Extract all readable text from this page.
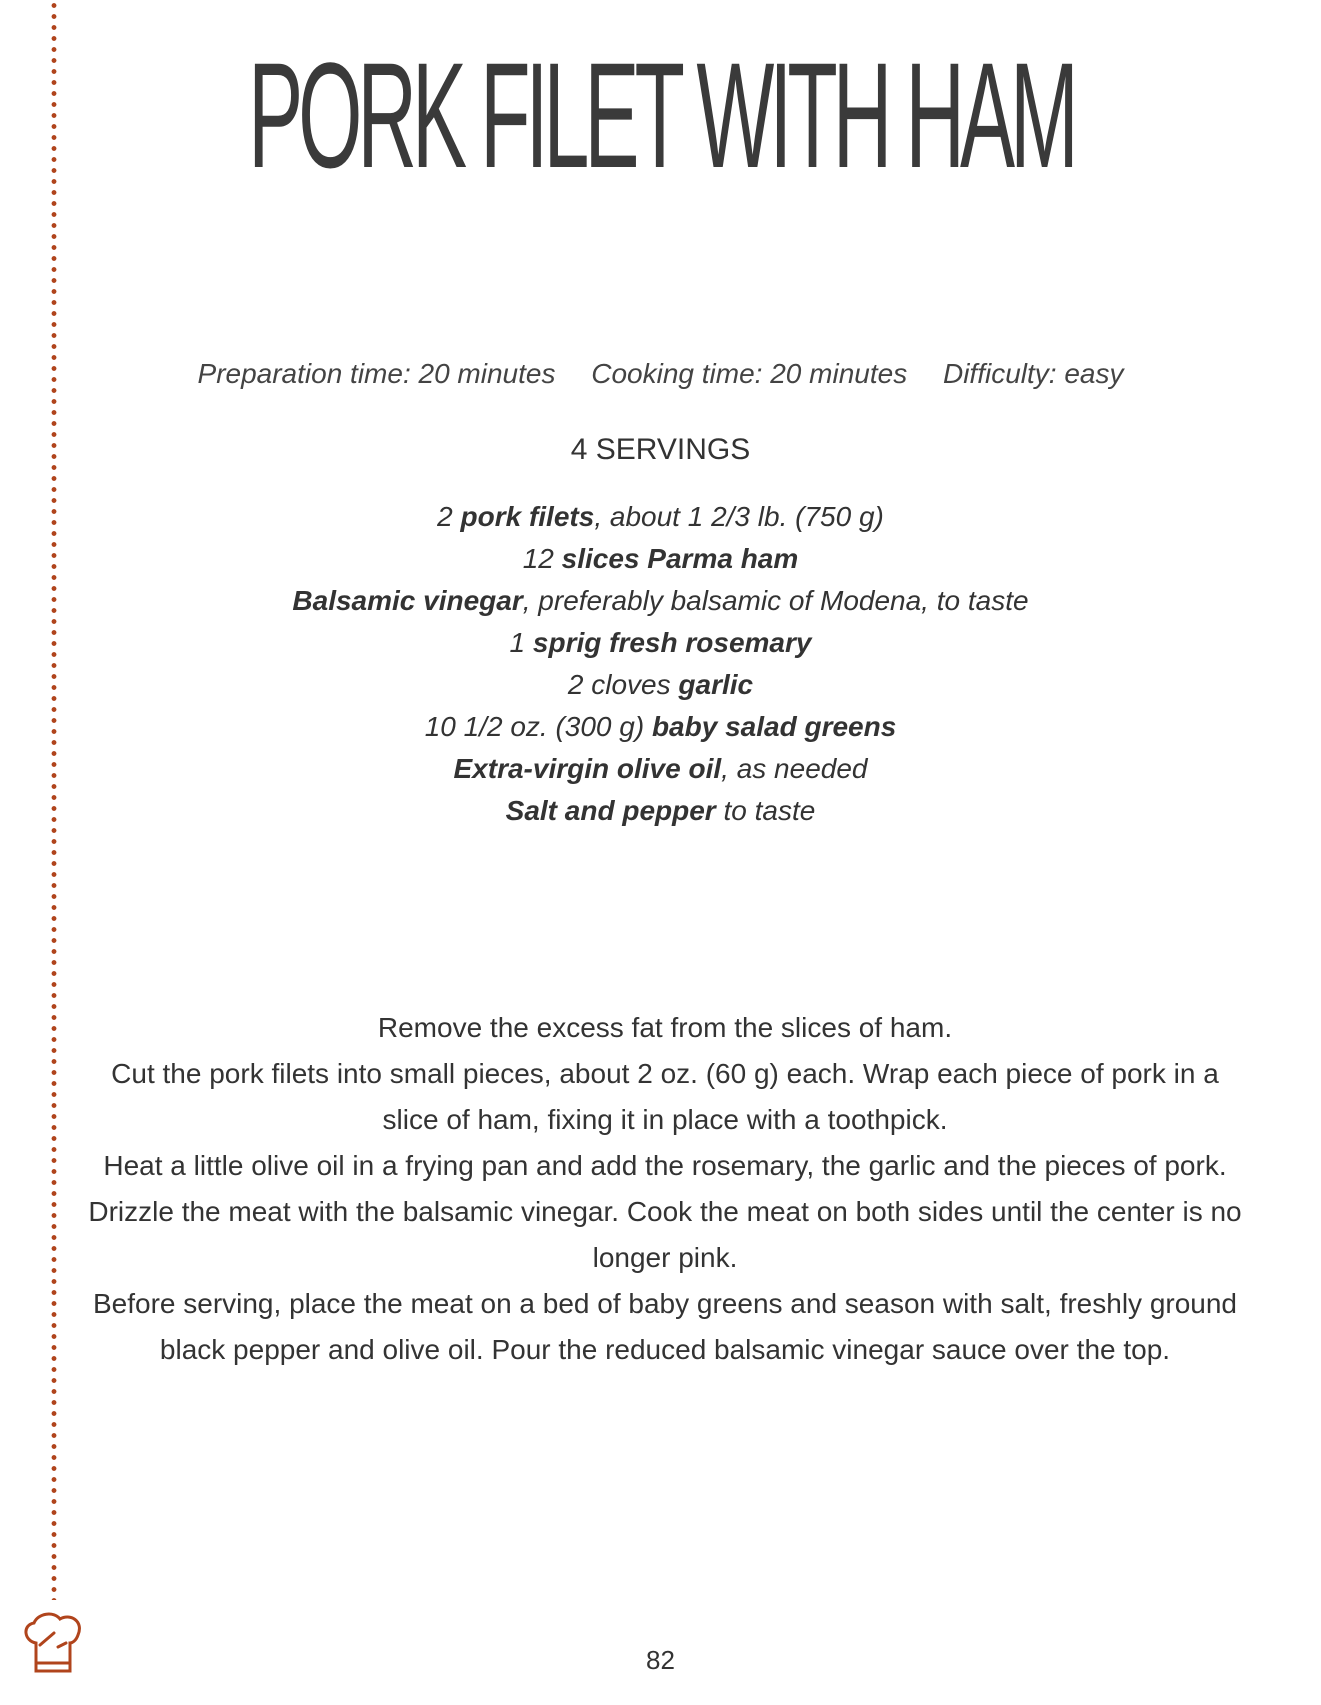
PORK FILET WITH HAM
Preparation time: 20 minutes Cooking time: 20 minutes Difficulty: easy
4 SERVINGS
2 pork filets, about 1 2/3 lb. (750 g)
12 slices Parma ham
Balsamic vinegar, preferably balsamic of Modena, to taste
1 sprig fresh rosemary
2 cloves garlic
10 1/2 oz. (300 g) baby salad greens
Extra-virgin olive oil, as needed
Salt and pepper to taste
Remove the excess fat from the slices of ham.
Cut the pork filets into small pieces, about 2 oz. (60 g) each. Wrap each piece of pork in a slice of ham, fixing it in place with a toothpick.
Heat a little olive oil in a frying pan and add the rosemary, the garlic and the pieces of pork. Drizzle the meat with the balsamic vinegar. Cook the meat on both sides until the center is no longer pink.
Before serving, place the meat on a bed of baby greens and season with salt, freshly ground black pepper and olive oil. Pour the reduced balsamic vinegar sauce over the top.
82
